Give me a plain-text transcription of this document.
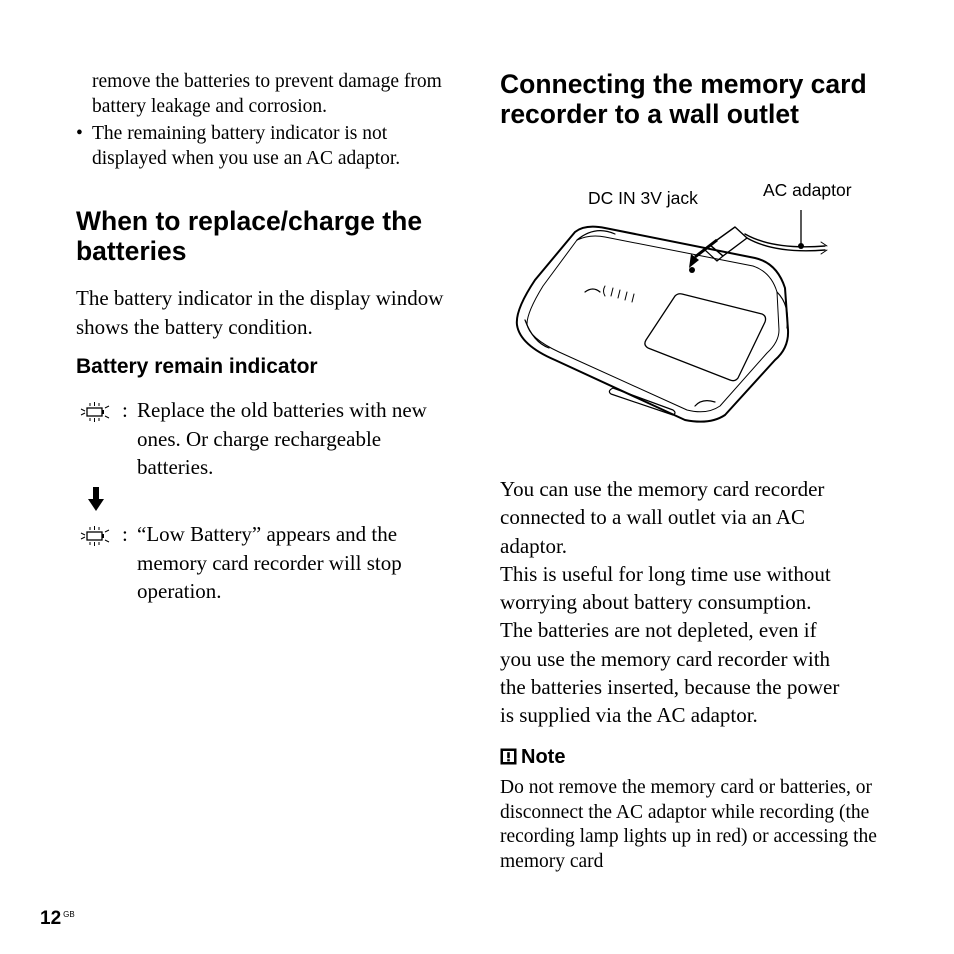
remove the batteries to prevent damage from battery leakage and corrosion.
• The remaining battery indicator is not displayed when you use an AC adaptor.
When to replace/charge the batteries
The battery indicator in the display window shows the battery condition.
Battery remain indicator
: Replace the old batteries with new ones. Or charge rechargeable batteries.
: “Low Battery” appears and the memory card recorder will stop operation.
Connecting the memory card recorder to a wall outlet
DC IN 3V jack	AC adaptor
You can use the memory card recorder
connected to a wall outlet via an AC
adaptor.
This is useful for long time use without
worrying about battery consumption.
The batteries are not depleted, even if
you use the memory card recorder with
the batteries inserted, because the power
is supplied via the AC adaptor.
Note
Do not remove the memory card or batteries, or disconnect the AC adaptor while recording (the recording lamp lights up in red) or accessing the memory card
12 $^{GB}$
